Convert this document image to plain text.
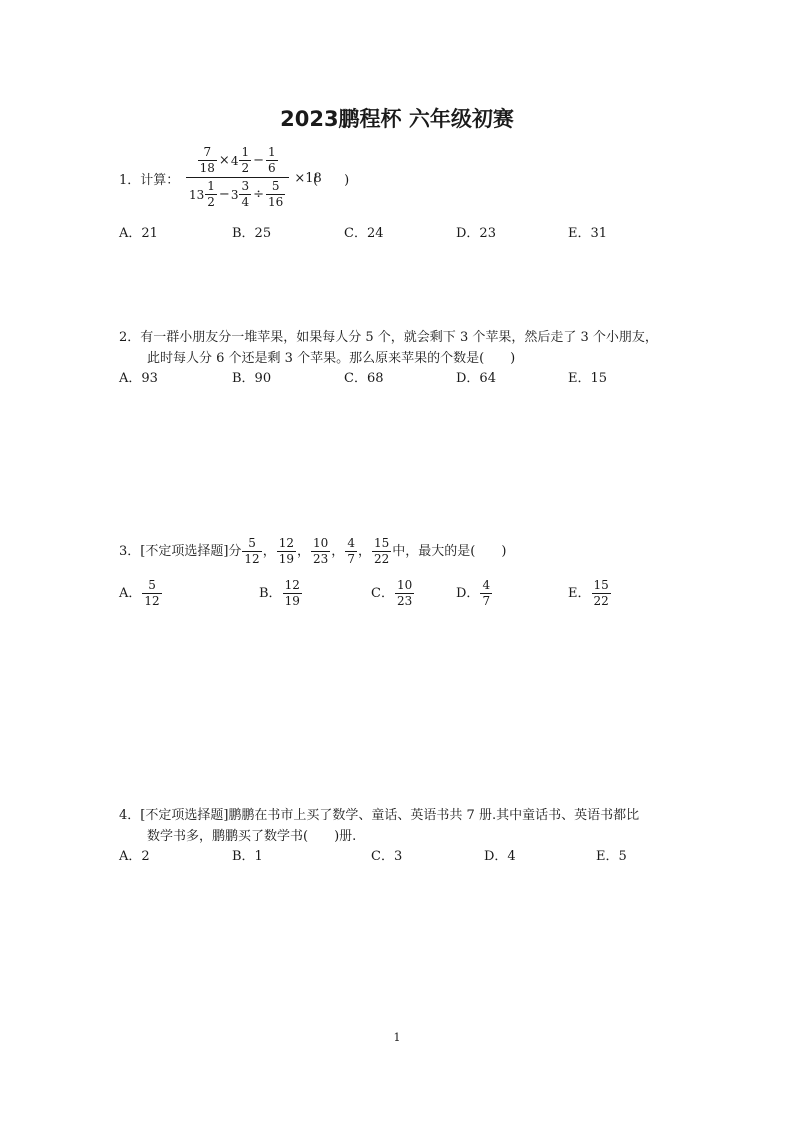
2023鹏程杯 六年级初赛
1．计算： $\frac{\frac{7}{18} \times 4 \frac{1}{2} - \frac{1}{6}}{13 \frac{1}{2} - 3 \frac{3}{4} \div \frac{5}{16}} \times 18$
(　　)
A．21	B．25	C．24	D．23	E．31
2．有一群小朋友分一堆苹果，如果每人分 5 个，就会剩下 3 个苹果，然后走了 3 个小朋友，
此时每人分 6 个还是剩 3 个苹果。那么原来苹果的个数是(　　)
A．93	B．90	C．68	D．64	E．15
3．[不定项选择题]分 $\frac{5}{12}$ ， $\frac{12}{19}$ ， $\frac{10}{23}$ ， $\frac{4}{7}$ ， $\frac{15}{22}$ 中，最大的是(　　)
A． $\frac{5}{12}$	B． $\frac{12}{19}$	C． $\frac{10}{23}$	D． $\frac{4}{7}$	E． $\frac{15}{22}$
4．[不定项选择题]鹏鹏在书市上买了数学、童话、英语书共 7 册.其中童话书、英语书都比
数学书多，鹏鹏买了数学书(　　)册.
A．2	B．1	C．3	D．4	E．5
1
